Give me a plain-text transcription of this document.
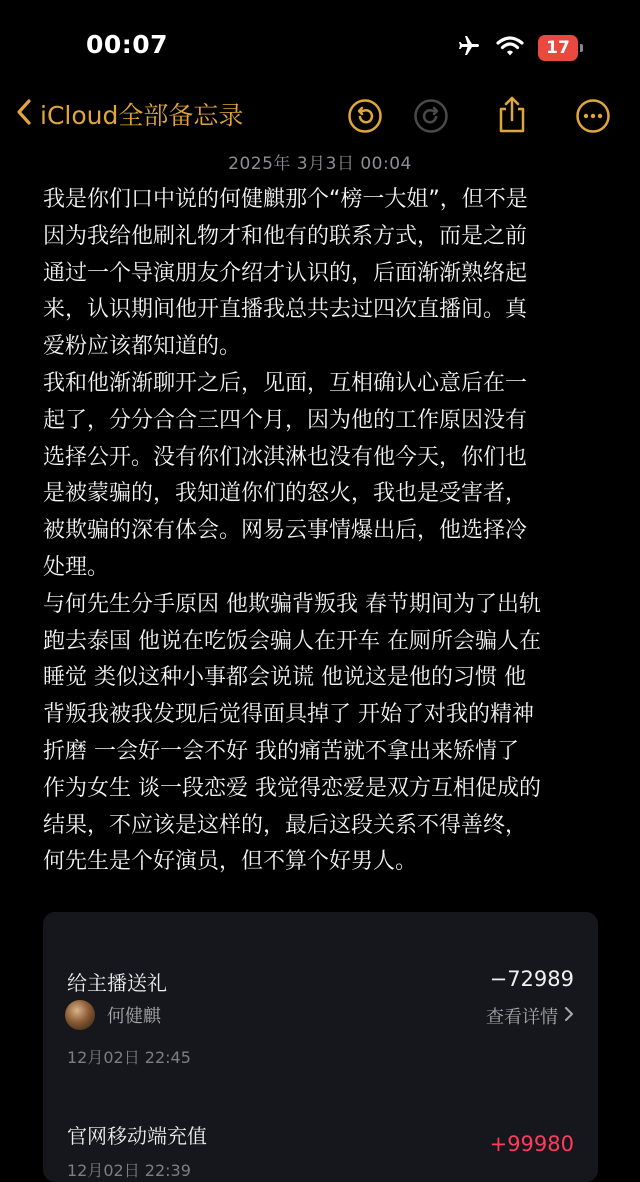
00:07	17
iCloud全部备忘录
2025年 3月3日 00:04

我是你们口中说的何健麒那个“榜一大姐”，但不是
因为我给他刷礼物才和他有的联系方式，而是之前
通过一个导演朋友介绍才认识的，后面渐渐熟络起
来，认识期间他开直播我总共去过四次直播间。真
爱粉应该都知道的。

我和他渐渐聊开之后，见面，互相确认心意后在一
起了，分分合合三四个月，因为他的工作原因没有
选择公开。没有你们冰淇淋也没有他今天，你们也
是被蒙骗的，我知道你们的怒火，我也是受害者，
被欺骗的深有体会。网易云事情爆出后，他选择冷
处理。

与何先生分手原因 他欺骗背叛我 春节期间为了出轨
跑去泰国 他说在吃饭会骗人在开车 在厕所会骗人在
睡觉 类似这种小事都会说谎 他说这是他的习惯 他
背叛我被我发现后觉得面具掉了 开始了对我的精神
折磨 一会好一会不好 我的痛苦就不拿出来矫情了
作为女生 谈一段恋爱 我觉得恋爱是双方互相促成的
结果，不应该是这样的，最后这段关系不得善终，
何先生是个好演员，但不算个好男人。

给主播送礼	−72989
何健麒	查看详情
12月02日 22:45
官网移动端充值	+99980
12月02日 22:39
